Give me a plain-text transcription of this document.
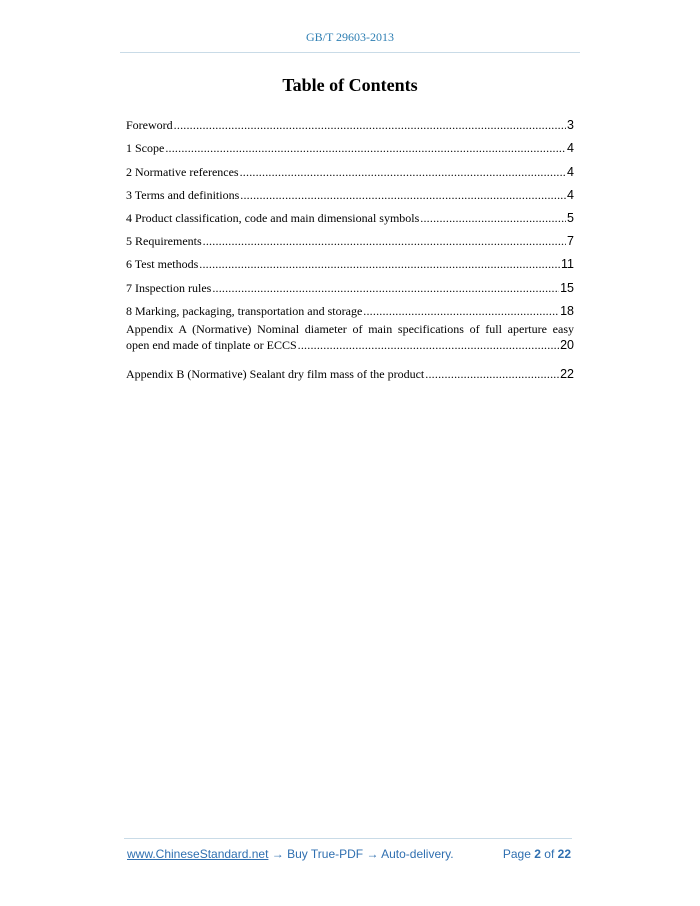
GB/T 29603-2013
Table of Contents
Foreword .....	3
1 Scope .....	4
2 Normative references .....	4
3 Terms and definitions .....	4
4 Product classification, code and main dimensional symbols .....	5
5 Requirements .....	7
6 Test methods .....	11
7 Inspection rules .....	15
8 Marking, packaging, transportation and storage .....	18
Appendix A (Normative) Nominal diameter of main specifications of full aperture easy
open end made of tinplate or ECCS .....	20
Appendix B (Normative) Sealant dry film mass of the product .....	22
www.ChineseStandard.net → Buy True-PDF → Auto-delivery.	Page 2 of 22
